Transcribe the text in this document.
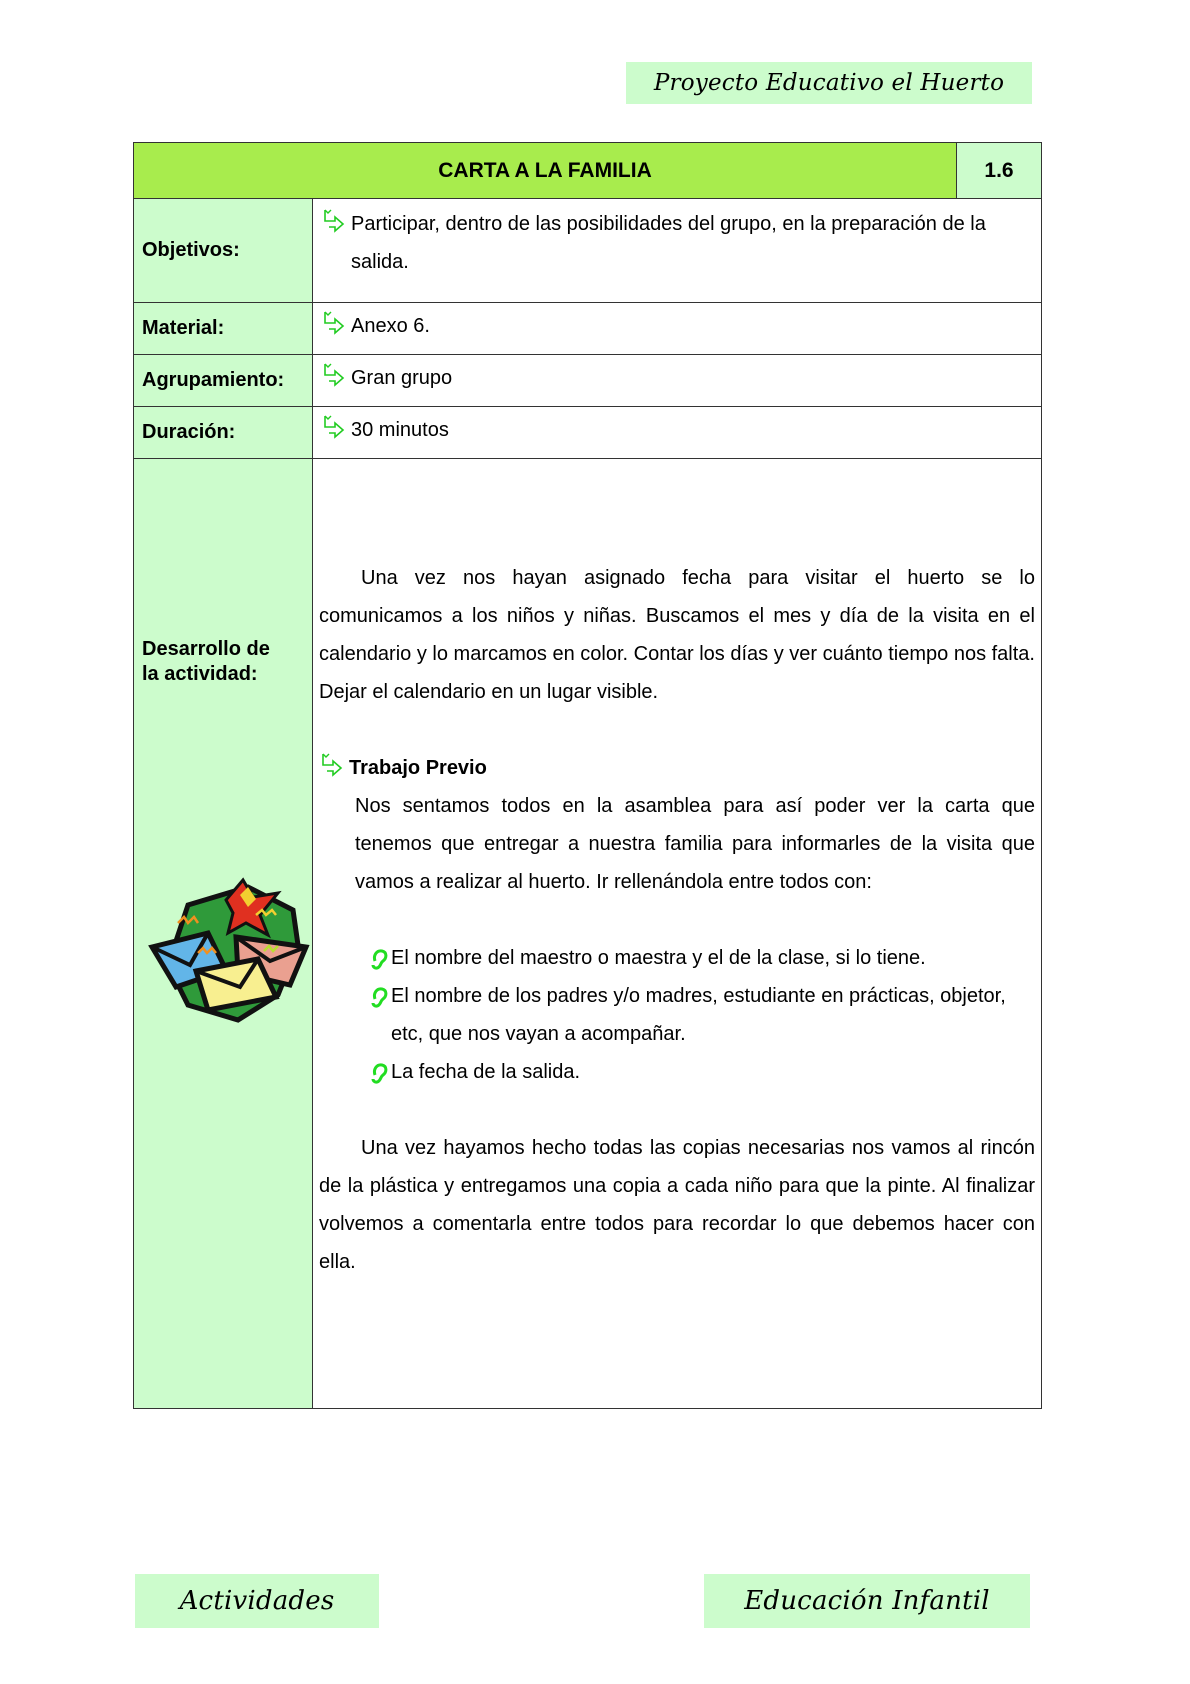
Proyecto Educativo el Huerto
CARTA A LA FAMILIA		1.6
Objetivos:	Participar, dentro de las posibilidades del grupo, en la preparación de la salida.	

Material:	Anexo 6.	

Agrupamiento:	Gran grupo	

Duración:	30 minutos	

Desarrollo de
la actividad:

Una vez nos hayan asignado fecha para visitar el huerto se lo comunicamos a los niños y niñas. Buscamos el mes y día de la visita en el calendario y lo marcamos en color. Contar los días y ver cuánto tiempo nos falta. Dejar el calendario en un lugar visible.

Trabajo Previo
Nos sentamos todos en la asamblea para así poder ver la carta que tenemos que entregar a nuestra familia para informarles de la visita que vamos a realizar al huerto. Ir rellenándola entre todos con:
El nombre del maestro o maestra y el de la clase, si lo tiene.
El nombre de los padres y/o madres, estudiante en prácticas, objetor, etc, que nos vayan a acompañar.
La fecha de la salida.

Una vez hayamos hecho todas las copias necesarias nos vamos al rincón de la plástica y entregamos una copia a cada niño para que la pinte. Al finalizar volvemos a comentarla entre todos para recordar lo que debemos hacer con ella.

Actividades	Educación Infantil
